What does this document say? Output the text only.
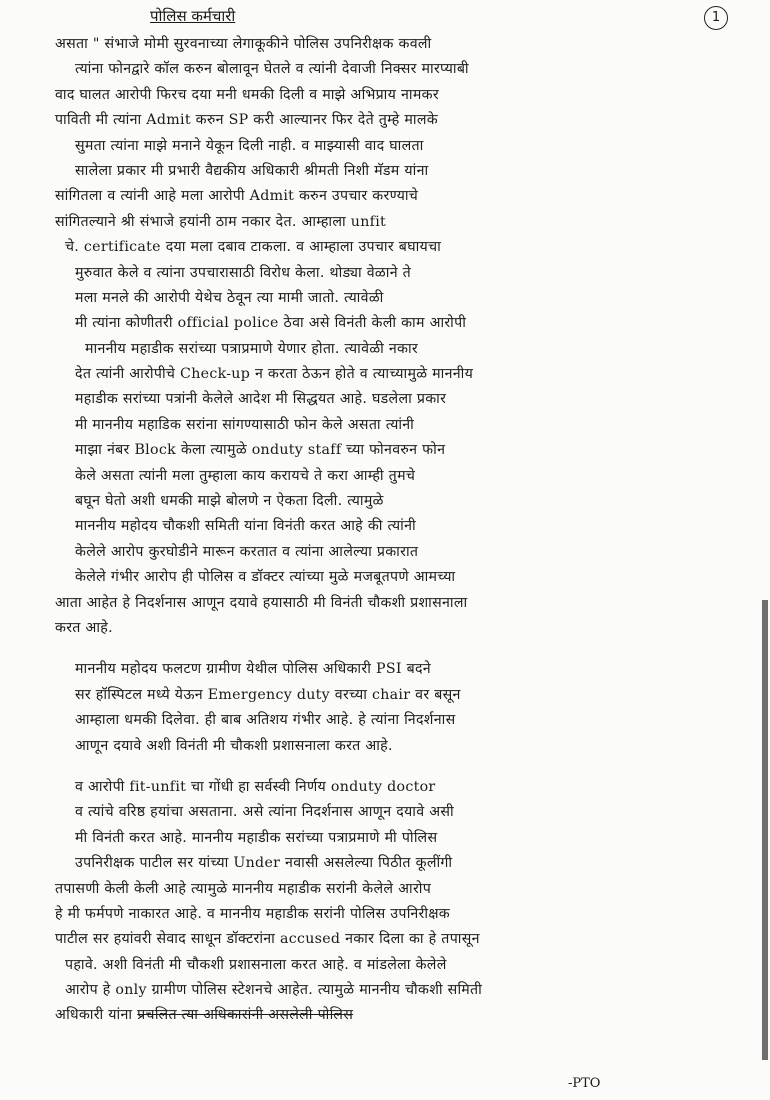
पोलिस कर्मचारी	1
असता " संभाजे मोमी सुरवनाच्या लेगाकूकीने पोलिस उपनिरीक्षक कवली
त्यांना फोनद्वारे कॉल करुन बोलावून घेतले व त्यांनी देवाजी निक्सर मारप्याबी
वाद घालत आरोपी फिरच दया मनी धमकी दिली व माझे अभिप्राय नामकर
पाविती मी त्यांना Admit करुन SP करी आल्यानर फिर देते तुम्हे मालके
सुमता त्यांना माझे मनाने येकून दिली नाही. व माझ्यासी वाद घालता
सालेला प्रकार मी प्रभारी वैद्यकीय अधिकारी श्रीमती निशी मॅडम यांना
सांगितला व त्यांनी आहे मला आरोपी Admit करुन उपचार करण्याचे
सांगितल्याने श्री संभाजे हयांनी ठाम नकार देत. आम्हाला unfit
चे. certificate दया मला दबाव टाकला. व आम्हाला उपचार बघायचा
मुरुवात केले व त्यांना उपचारासाठी विरोध केला. थोड्या वेळाने ते
मला मनले की आरोपी येथेच ठेवून त्या मामी जातो. त्यावेळी
मी त्यांना कोणीतरी official police ठेवा असे विनंती केली काम आरोपी
माननीय महाडीक सरांच्या पत्राप्रमाणे येणार होता. त्यावेळी नकार
देत त्यांनी आरोपीचे Check-up न करता ठेऊन होते व त्याच्यामुळे माननीय
महाडीक सरांच्या पत्रांनी केलेले आदेश मी सिद्धयत आहे. घडलेला प्रकार
मी माननीय महाडिक सरांना सांगण्यासाठी फोन केले असता त्यांनी
माझा नंबर Block केला त्यामुळे onduty staff च्या फोनवरुन फोन
केले असता त्यांनी मला तुम्हाला काय करायचे ते करा आम्ही तुमचे
बघून घेतो अशी धमकी माझे बोलणे न ऐकता दिली. त्यामुळे
माननीय महोदय चौकशी समिती यांना विनंती करत आहे की त्यांनी
केलेले आरोप कुरघोडीने मारून करतात व त्यांना आलेल्या प्रकारात
केलेले गंभीर आरोप ही पोलिस व डॉक्टर त्यांच्या मुळे मजबूतपणे आमच्या
आता आहेत हे निदर्शनास आणून दयावे हयासाठी मी विनंती चौकशी प्रशासनाला
करत आहे.
माननीय महोदय फलटण ग्रामीण येथील पोलिस अधिकारी PSI बदने
सर हॉस्पिटल मध्ये येऊन Emergency duty वरच्या chair वर बसून
आम्हाला धमकी दिलेवा. ही बाब अतिशय गंभीर आहे. हे त्यांना निदर्शनास
आणून दयावे अशी विनंती मी चौकशी प्रशासनाला करत आहे.
व आरोपी fit-unfit चा गोंधी हा सर्वस्वी निर्णय onduty doctor
व त्यांचे वरिष्ठ हयांचा असताना. असे त्यांना निदर्शनास आणून दयावे असी
मी विनंती करत आहे. माननीय महाडीक सरांच्या पत्राप्रमाणे मी पोलिस
उपनिरीक्षक पाटील सर यांच्या Under नवासी असलेल्या पिठीत कूलींगी
तपासणी केली केली आहे त्यामुळे माननीय महाडीक सरांनी केलेले आरोप
हे मी फर्मपणे नाकारत आहे. व माननीय महाडीक सरांनी पोलिस उपनिरीक्षक
पाटील सर हयांवरी सेवाद साधून डॉक्टरांना accused नकार दिला का हे तपासून
पहावे. अशी विनंती मी चौकशी प्रशासनाला करत आहे. व मांडलेला केलेले
आरोप हे only ग्रामीण पोलिस स्टेशनचे आहेत. त्यामुळे माननीय चौकशी समिती
अधिकारी यांना प्रचलित त्या अधिकारांनी असलेली पोलिस
-PTO
